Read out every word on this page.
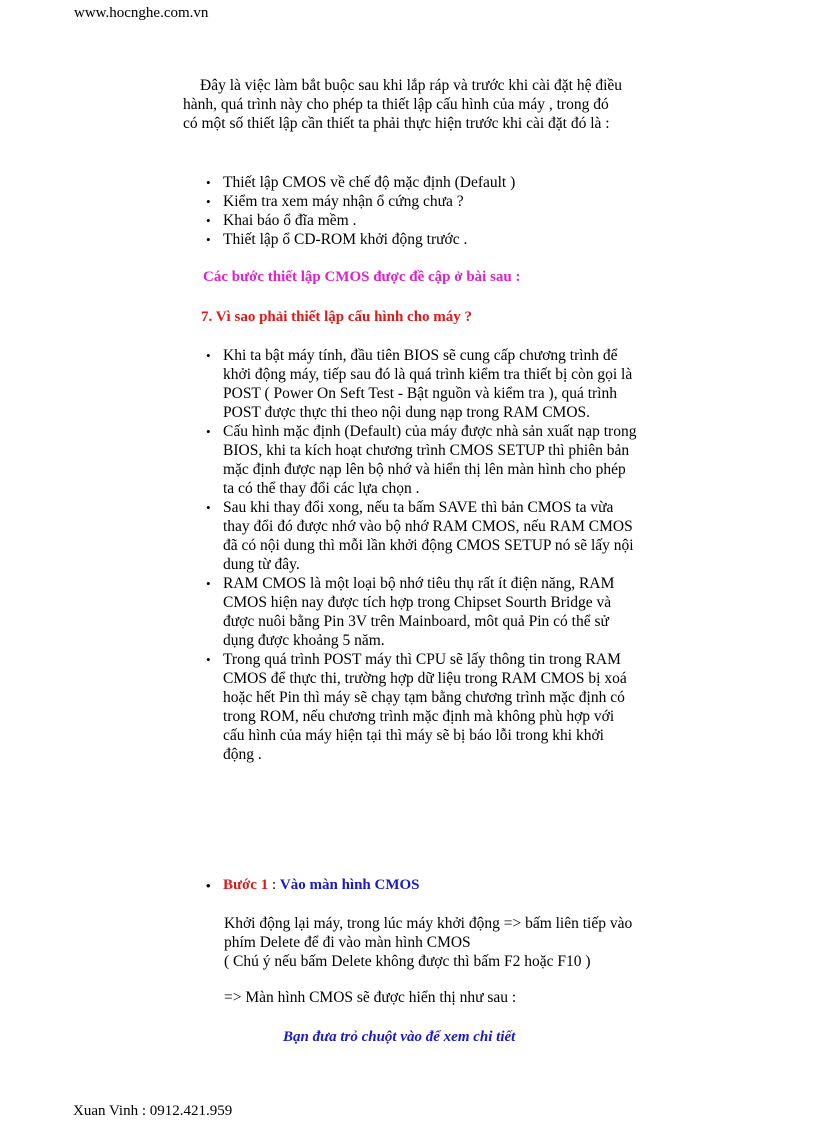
www.hocnghe.com.vn
Đây là việc làm bắt buộc sau khi lắp ráp và trước khi cài đặt hệ điều hành, quá trình này cho phép ta thiết lập cấu hình của máy , trong đó có một số thiết lập cần thiết ta phải thực hiện trước khi cài đặt đó là :
• Thiết lập CMOS về chế độ mặc định (Default )
• Kiểm tra xem máy nhận ổ cứng chưa ?
• Khai báo ổ đĩa mềm .
• Thiết lập ổ CD-ROM khởi động trước .
Các bước thiết lập CMOS được đề cập ở bài sau :
7. Vì sao phải thiết lập cấu hình cho máy ?
• Khi ta bật máy tính, đầu tiên BIOS sẽ cung cấp chương trình để khởi động máy, tiếp sau đó là quá trình kiểm tra thiết bị còn gọi là POST ( Power On Seft Test - Bật nguồn và kiểm tra ), quá trình POST được thực thi theo nội dung nạp trong RAM CMOS.
• Cấu hình mặc định (Default) của máy được nhà sản xuất nạp trong BIOS, khi ta kích hoạt chương trình CMOS SETUP thì phiên bản mặc định được nạp lên bộ nhớ và hiển thị lên màn hình cho phép ta có thể thay đổi các lựa chọn .
• Sau khi thay đổi xong, nếu ta bấm SAVE thì bản CMOS ta vừa thay đổi đó được nhớ vào bộ nhớ RAM CMOS, nếu RAM CMOS đã có nội dung thì mỗi lần khởi động CMOS SETUP nó sẽ lấy nội dung từ đây.
• RAM CMOS là một loại bộ nhớ tiêu thụ rất ít điện năng, RAM CMOS hiện nay được tích hợp trong Chipset Sourth Bridge và được nuôi bằng Pin 3V trên Mainboard, môt quả Pin có thể sử dụng được khoảng 5 năm.
• Trong quá trình POST máy thì CPU sẽ lấy thông tin trong RAM CMOS để thực thi, trường hợp dữ liệu trong RAM CMOS bị xoá hoặc hết Pin thì máy sẽ chạy tạm bằng chương trình mặc định có trong ROM, nếu chương trình mặc định mà không phù hợp với cấu hình của máy hiện tại thì máy sẽ bị báo lỗi trong khi khởi động .
• Bước 1 : Vào màn hình CMOS
Khởi động lại máy, trong lúc máy khởi động => bấm liên tiếp vào phím Delete để đi vào màn hình CMOS
( Chú ý nếu bấm Delete không được thì bấm F2 hoặc F10 )
=> Màn hình CMOS sẽ được hiển thị như sau :
Bạn đưa trỏ chuột vào để xem chi tiết
Xuan Vinh : 0912.421.959
